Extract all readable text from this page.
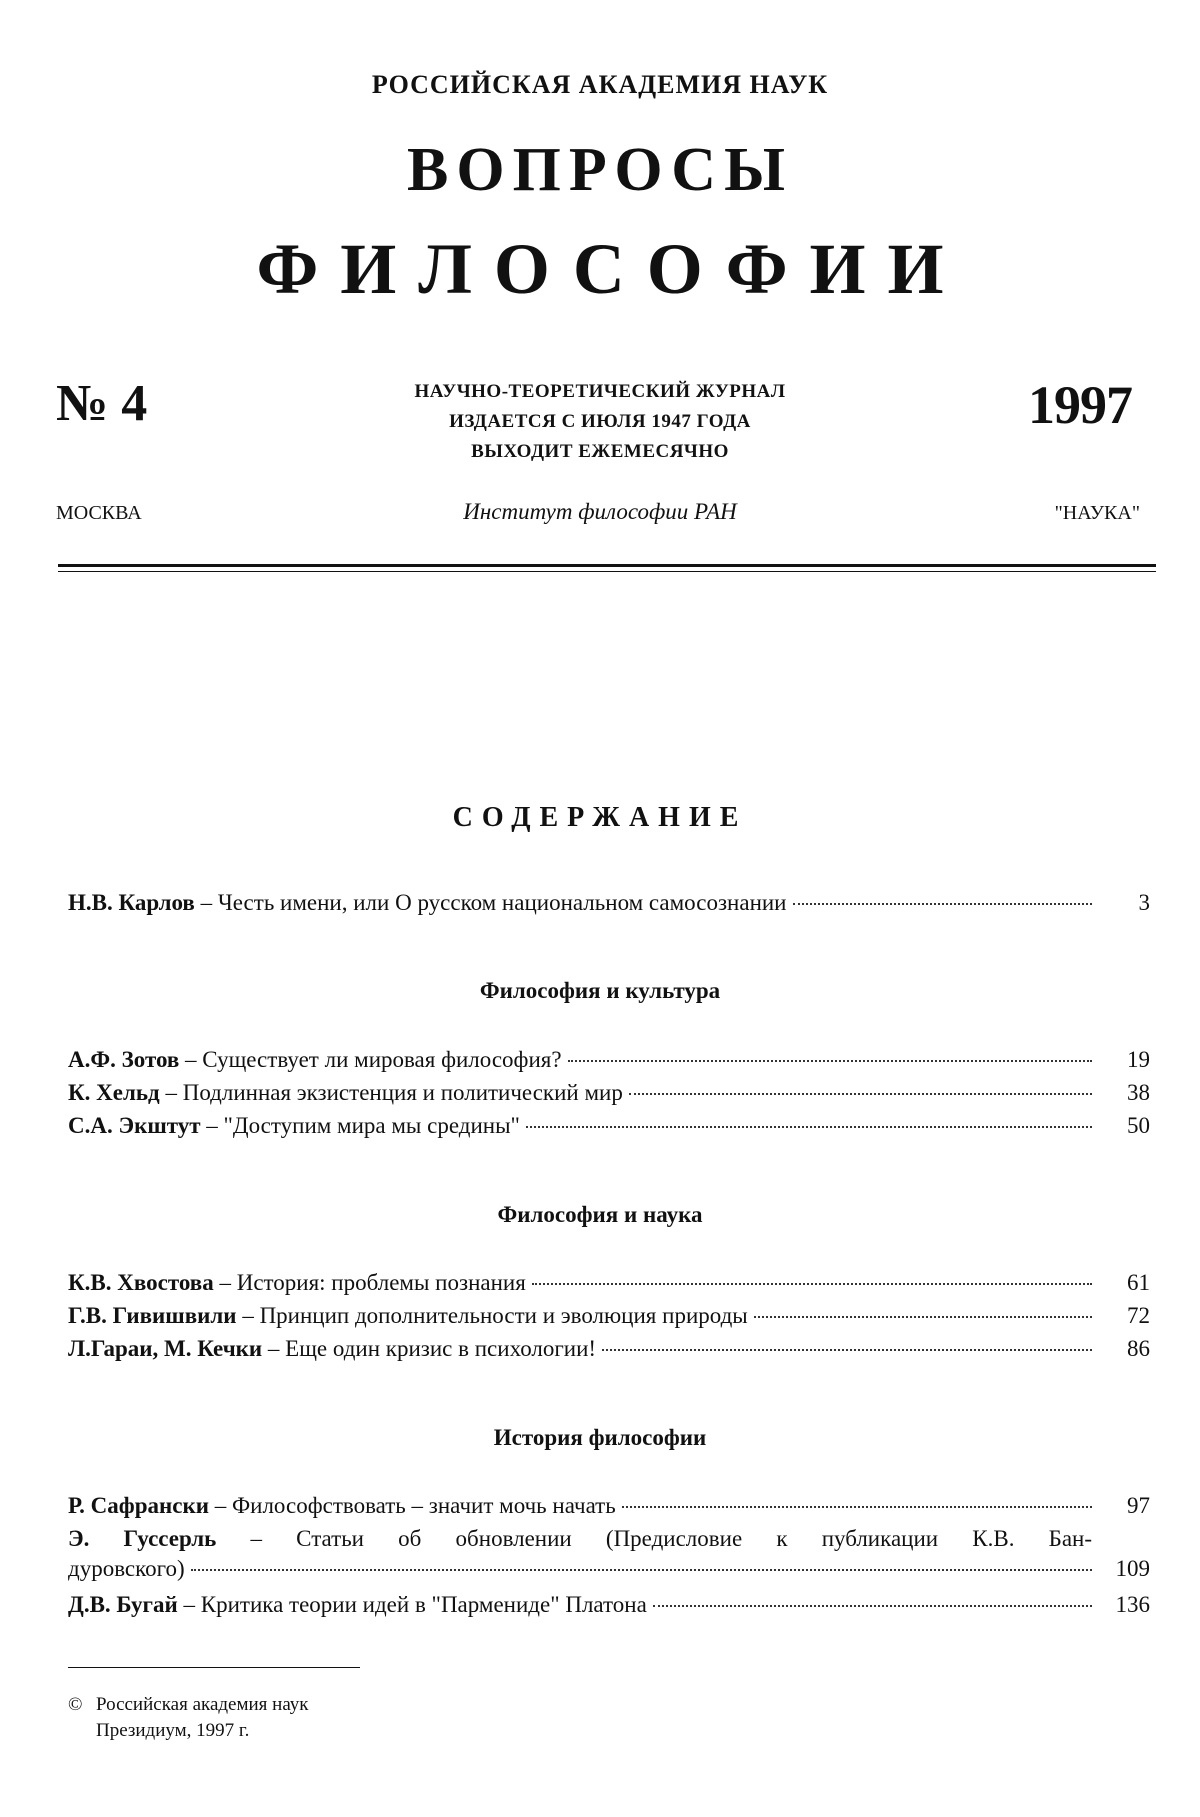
РОССИЙСКАЯ АКАДЕМИЯ НАУК
ВОПРОСЫ
ФИЛОСОФИИ
№ 4	НАУЧНО-ТЕОРЕТИЧЕСКИЙ ЖУРНАЛ
ИЗДАЕТСЯ С ИЮЛЯ 1947 ГОДА
ВЫХОДИТ ЕЖЕМЕСЯЧНО
1997
МОСКВА	Институт философии РАН	"НАУКА"
СОДЕРЖАНИЕ
Н.В. Карлов – Честь имени, или О русском национальном самосознании	3
Философия и культура
А.Ф. Зотов – Существует ли мировая философия?	19
К. Хельд – Подлинная экзистенция и политический мир	38
С.А. Экштут – "Доступим мира мы средины"	50
Философия и наука
К.В. Хвостова – История: проблемы познания	61
Г.В. Гивишвили – Принцип дополнительности и эволюция природы	72
Л.Гараи, М. Кечки – Еще один кризис в психологии!	86
История философии
Р. Сафрански – Философствовать – значит мочь начать	97
Э. Гуссерль – Статьи об обновлении (Предисловие к публикации К.В. Бан-
дуровского)	109
Д.В. Бугай – Критика теории идей в "Пармениде" Платона	136
© Российская академия наук
Президиум, 1997 г.
